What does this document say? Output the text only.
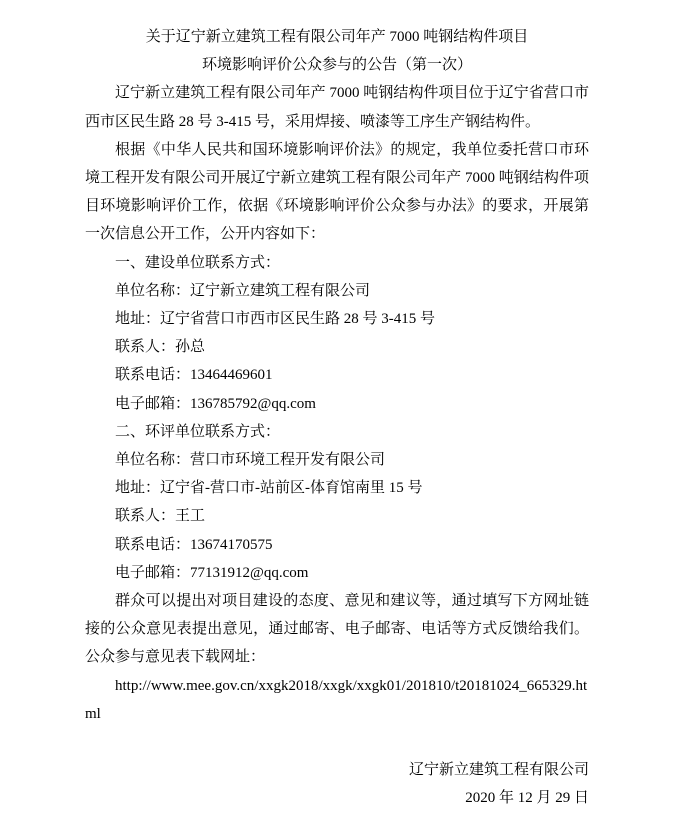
关于辽宁新立建筑工程有限公司年产 7000 吨钢结构件项目

环境影响评价公众参与的公告（第一次）

辽宁新立建筑工程有限公司年产 7000 吨钢结构件项目位于辽宁省营口市西市区民生路 28 号 3-415 号，采用焊接、喷漆等工序生产钢结构件。

根据《中华人民共和国环境影响评价法》的规定，我单位委托营口市环境工程开发有限公司开展辽宁新立建筑工程有限公司年产 7000 吨钢结构件项目环境影响评价工作，依据《环境影响评价公众参与办法》的要求，开展第一次信息公开工作，公开内容如下：

一、建设单位联系方式：

单位名称：辽宁新立建筑工程有限公司

地址：辽宁省营口市西市区民生路 28 号 3-415 号

联系人：孙总

联系电话：13464469601

电子邮箱：136785792@qq.com

二、环评单位联系方式：

单位名称：营口市环境工程开发有限公司

地址：辽宁省-营口市-站前区-体育馆南里 15 号

联系人：王工

联系电话：13674170575

电子邮箱：77131912@qq.com

群众可以提出对项目建设的态度、意见和建议等，通过填写下方网址链接的公众意见表提出意见，通过邮寄、电子邮寄、电话等方式反馈给我们。公众参与意见表下载网址：

http://www.mee.gov.cn/xxgk2018/xxgk/xxgk01/201810/t20181024_665329.html

辽宁新立建筑工程有限公司

2020 年 12 月 29 日
